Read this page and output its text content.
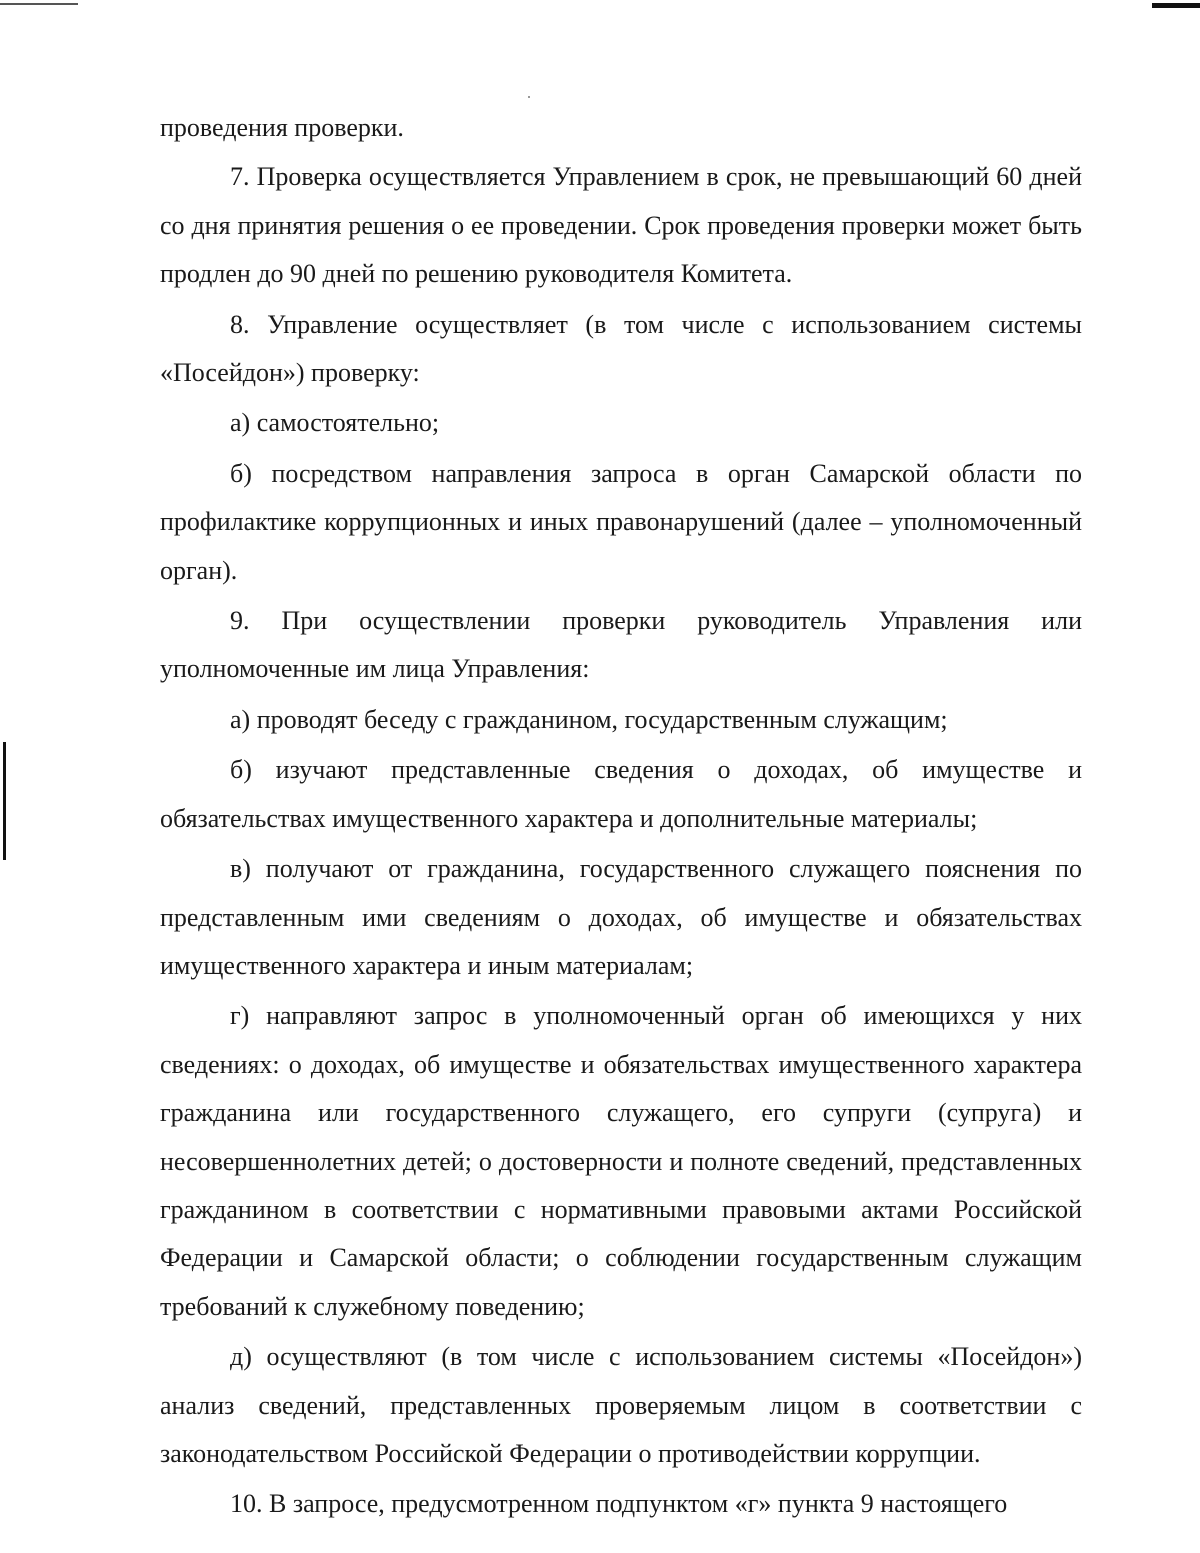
проведения проверки.

7. Проверка осуществляется Управлением в срок, не превышающий 60 дней со дня принятия решения о ее проведении. Срок проведения проверки может быть продлен до 90 дней по решению руководителя Комитета.

8. Управление осуществляет (в том числе с использованием системы «Посейдон») проверку:

а) самостоятельно;

б) посредством направления запроса в орган Самарской области по профилактике коррупционных и иных правонарушений (далее – уполномоченный орган).

9. При осуществлении проверки руководитель Управления или уполномоченные им лица Управления:

а) проводят беседу с гражданином, государственным служащим;

б) изучают представленные сведения о доходах, об имуществе и обязательствах имущественного характера и дополнительные материалы;

в) получают от гражданина, государственного служащего пояснения по представленным ими сведениям о доходах, об имуществе и обязательствах имущественного характера и иным материалам;

г) направляют запрос в уполномоченный орган об имеющихся у них сведениях: о доходах, об имуществе и обязательствах имущественного характера гражданина или государственного служащего, его супруги (супруга) и несовершеннолетних детей; о достоверности и полноте сведений, представленных гражданином в соответствии с нормативными правовыми актами Российской Федерации и Самарской области; о соблюдении государственным служащим требований к служебному поведению;

д) осуществляют (в том числе с использованием системы «Посейдон») анализ сведений, представленных проверяемым лицом в соответствии с законодательством Российской Федерации о противодействии коррупции.

10. В запросе, предусмотренном подпунктом «г» пункта 9 настоящего
